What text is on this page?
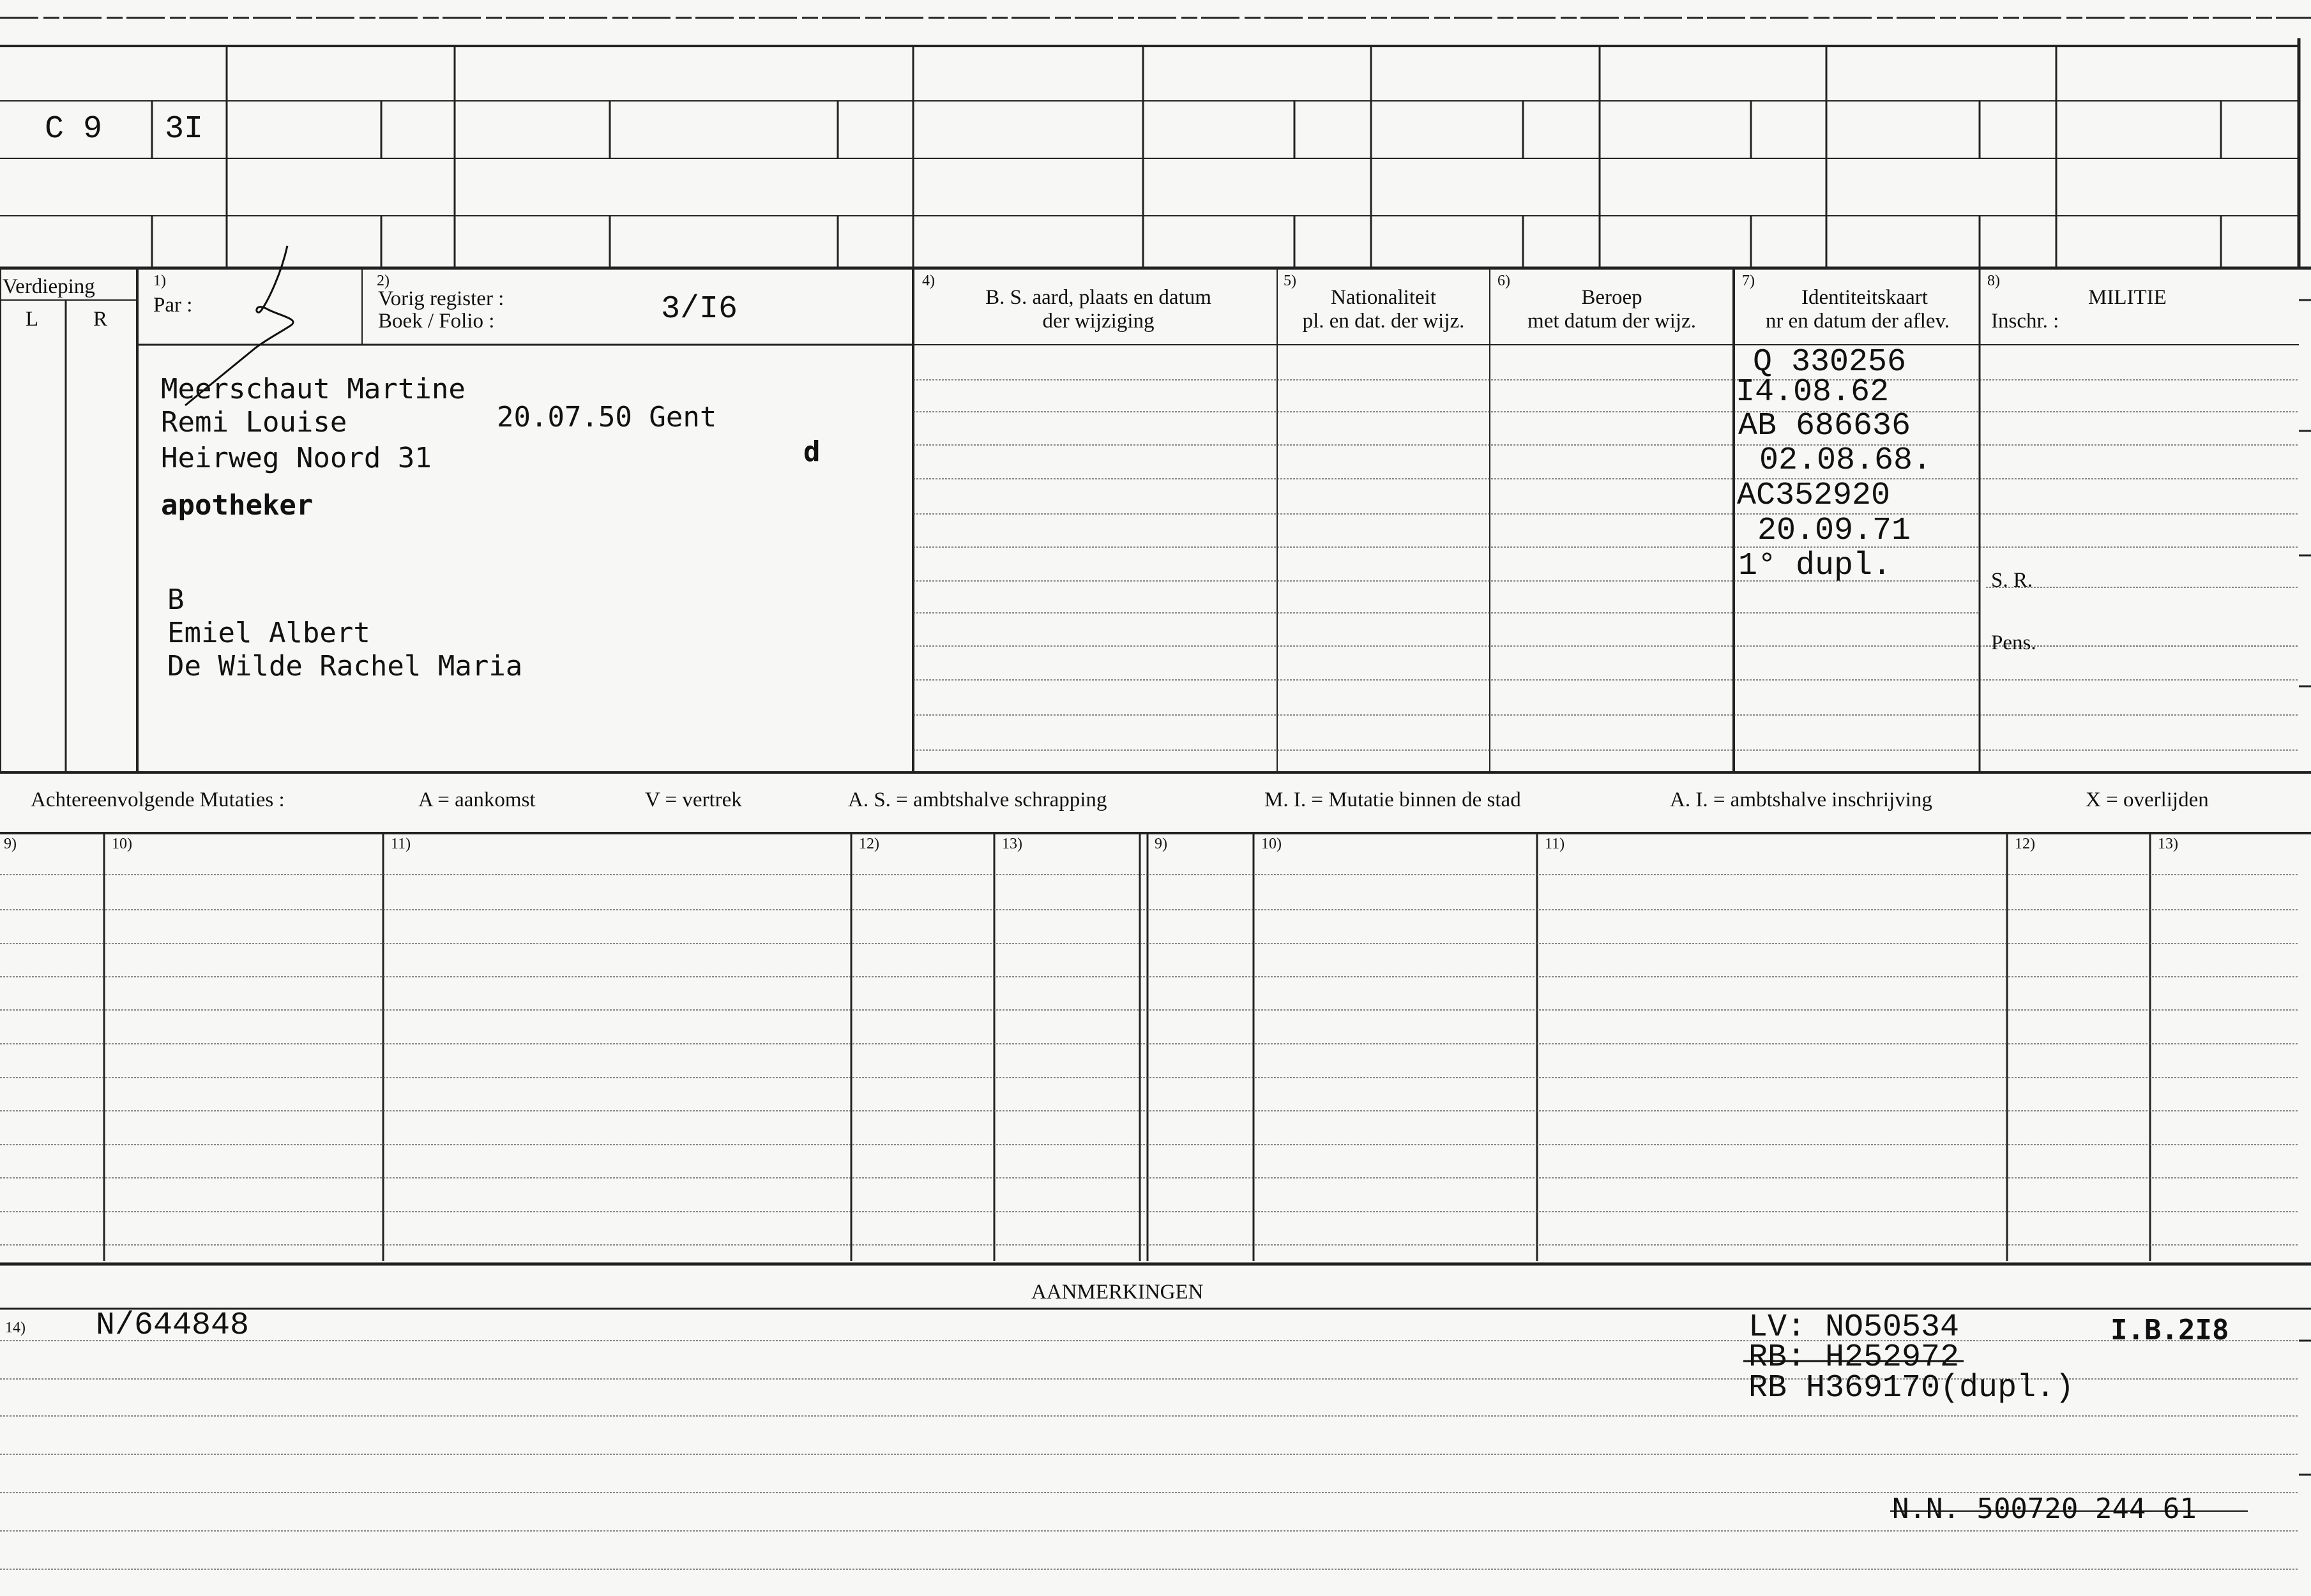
C 9 3I
Verdieping
L	R
1)
Par :
2)
Vorig register :
Boek / Folio :	3/I6
4)
B. S. aard, plaats en datum
der wijziging
5)
Nationaliteit
pl. en dat. der wijz.
6)
Beroep
met datum der wijz.
7)
Identiteitskaart
nr en datum der aflev.
8)
MILITIE
Inschr. :
S. R.
Pens.
Meerschaut Martine
Remi Louise	20.07.50 Gent
Heirweg Noord 31	d
apotheker
B
Emiel Albert
De Wilde Rachel Maria
Q 330256
I4.08.62
AB 686636
02.08.68.
AC352920
20.09.71
1° dupl.
Achtereenvolgende Mutaties :	A = aankomst	V = vertrek	A. S. = ambtshalve schrapping	M. I. = Mutatie binnen de stad	A. I. = ambtshalve inschrijving	X = overlijden
9)	10)	11)	12)	13)	9)	10)	11)	12)	13)
AANMERKINGEN
14) N/644848	LV: NO50534
RB: H252972
RB H369170(dupl.)
I.B.2I8
N.N. 500720 244 61
